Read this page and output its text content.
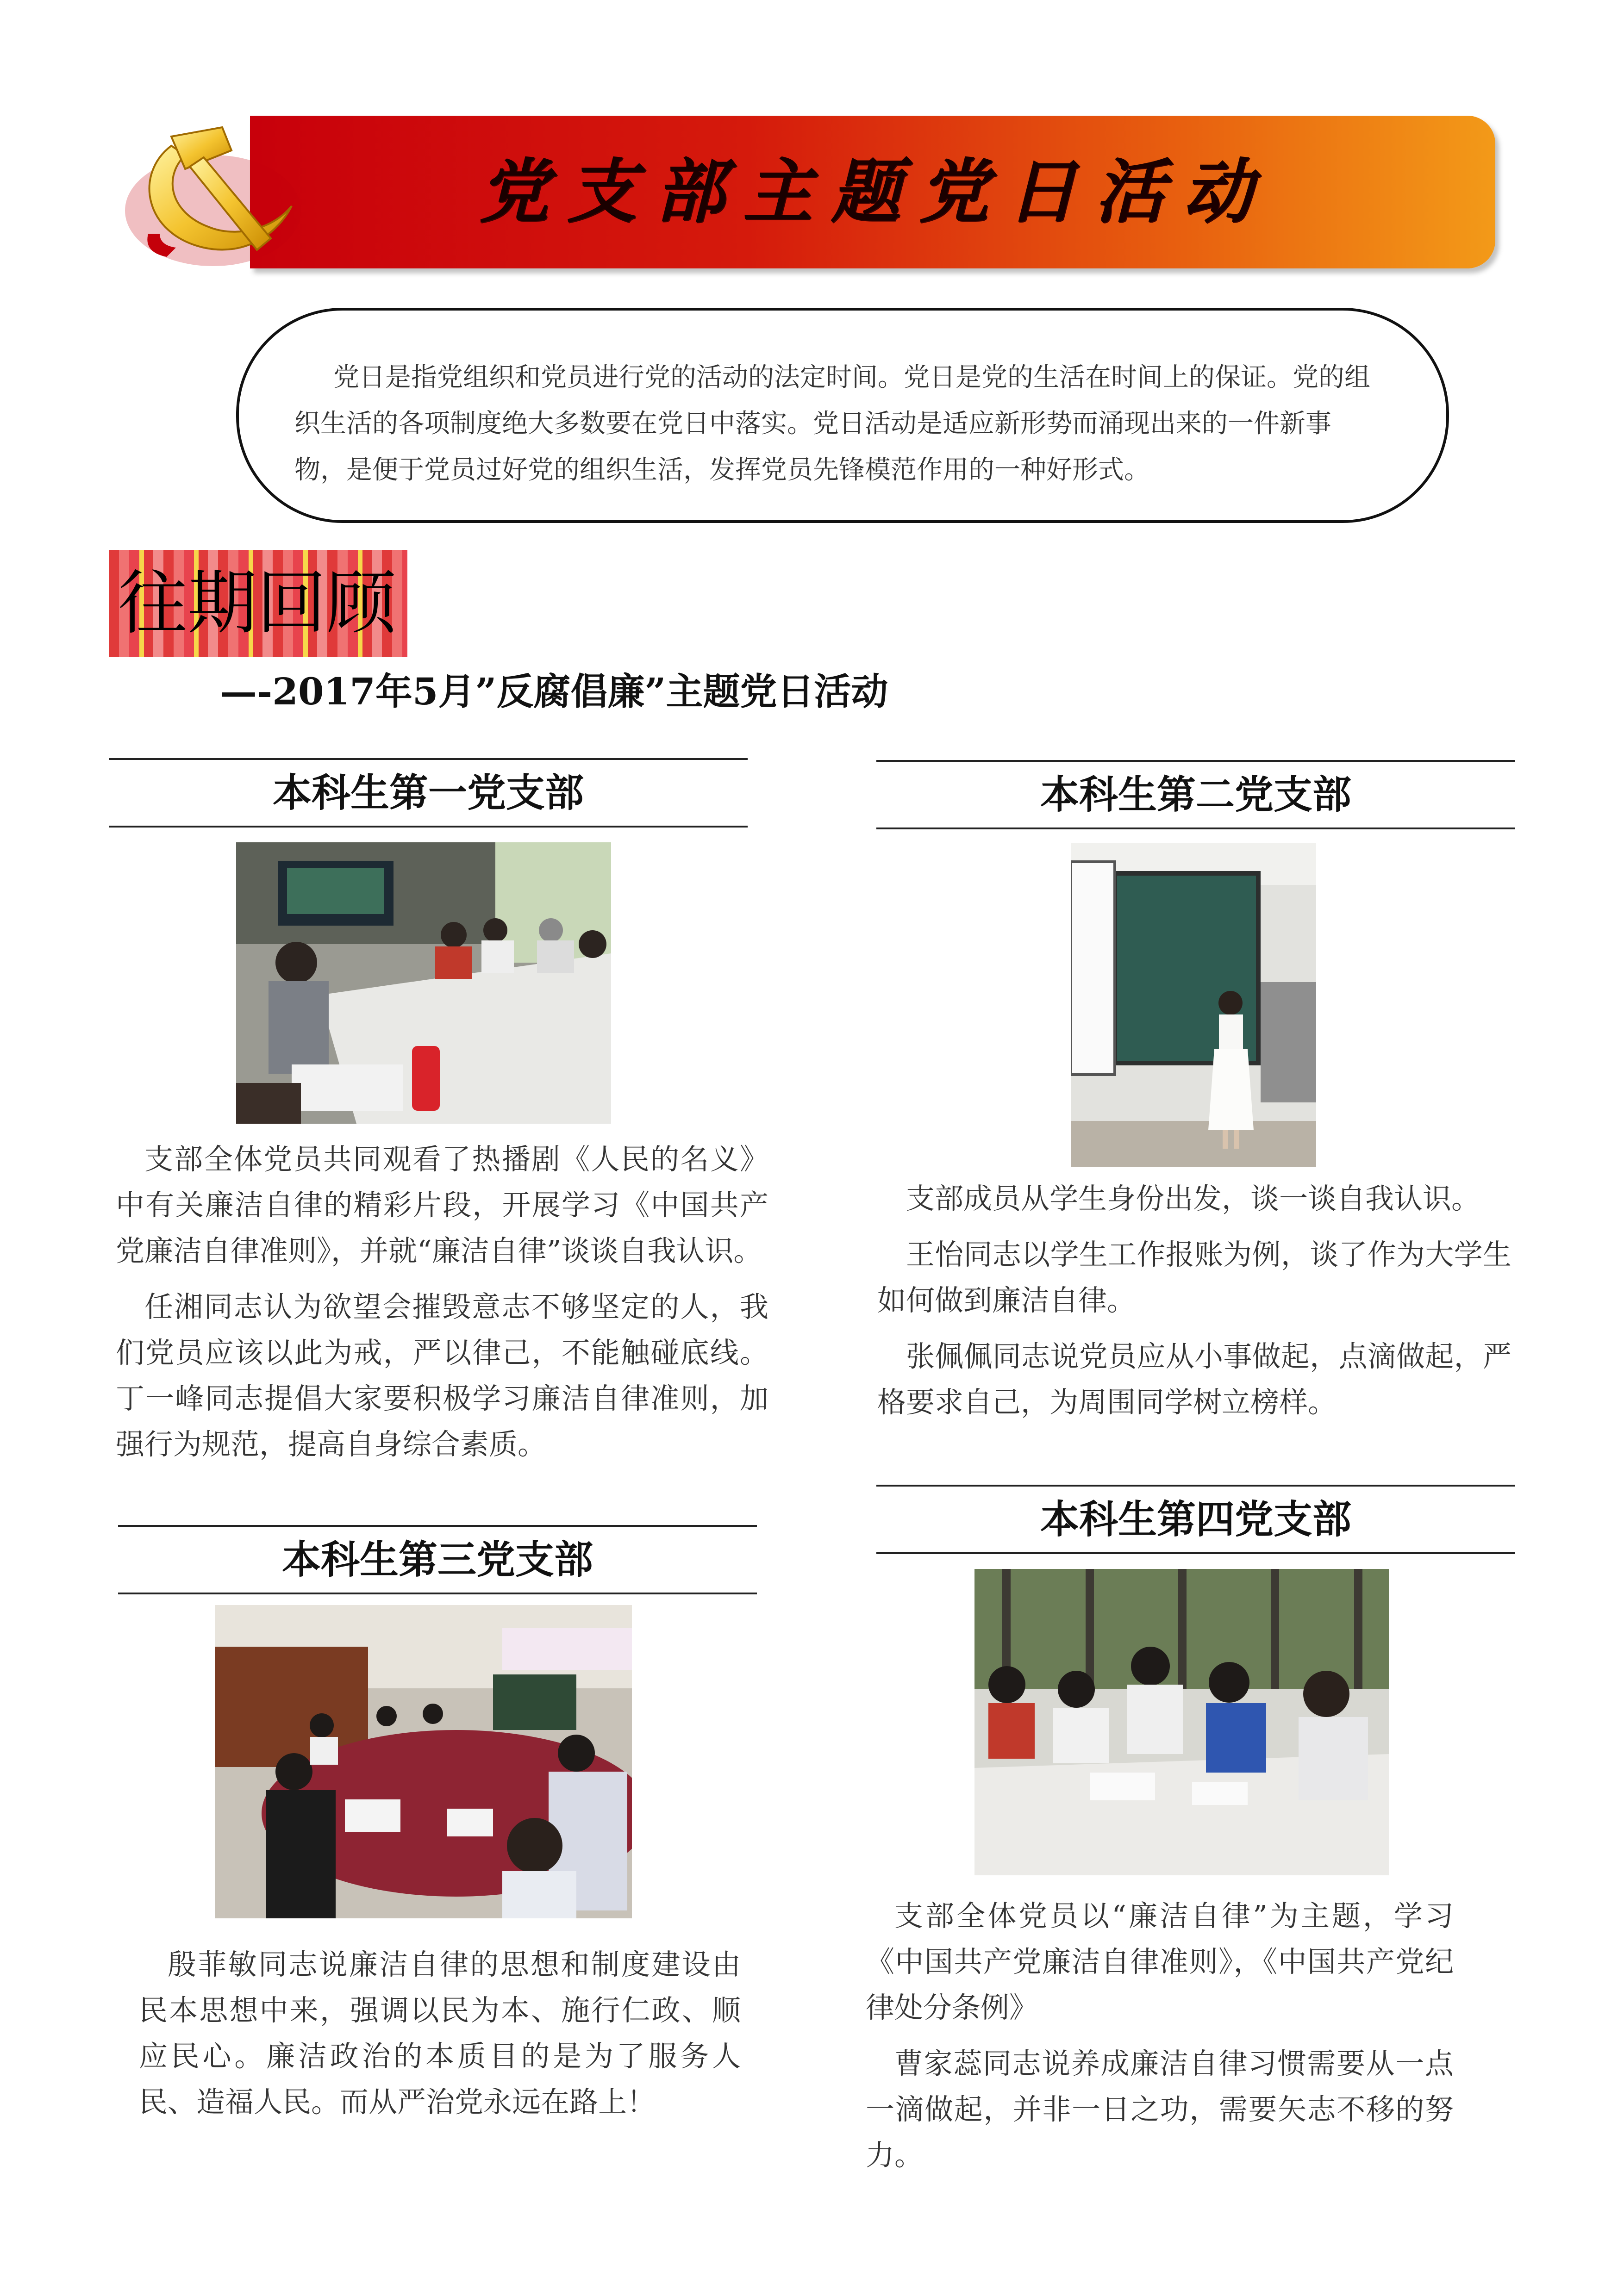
党支部主题党日活动

党日是指党组织和党员进行党的活动的法定时间。党日是党的生活在时间上的保证。党的组织生活的各项制度绝大多数要在党日中落实。党日活动是适应新形势而涌现出来的一件新事物，是便于党员过好党的组织生活，发挥党员先锋模范作用的一种好形式。

往期回顾
—-2017年5月”反腐倡廉”主题党日活动
本科生第一党支部

支部全体党员共同观看了热播剧《人民的名义》中有关廉洁自律的精彩片段，开展学习《中国共产党廉洁自律准则》，并就“廉洁自律”谈谈自我认识。

任湘同志认为欲望会摧毁意志不够坚定的人，我们党员应该以此为戒，严以律己，不能触碰底线。丁一峰同志提倡大家要积极学习廉洁自律准则，加强行为规范，提高自身综合素质。

本科生第二党支部

支部成员从学生身份出发，谈一谈自我认识。

王怡同志以学生工作报账为例，谈了作为大学生如何做到廉洁自律。

张佩佩同志说党员应从小事做起，点滴做起，严格要求自己，为周围同学树立榜样。

本科生第三党支部

殷菲敏同志说廉洁自律的思想和制度建设由民本思想中来，强调以民为本、施行仁政、顺应民心。廉洁政治的本质目的是为了服务人民、造福人民。而从严治党永远在路上！

本科生第四党支部

支部全体党员以“廉洁自律”为主题，学习《中国共产党廉洁自律准则》，《中国共产党纪律处分条例》

曹家蕊同志说养成廉洁自律习惯需要从一点一滴做起，并非一日之功，需要矢志不移的努力。
